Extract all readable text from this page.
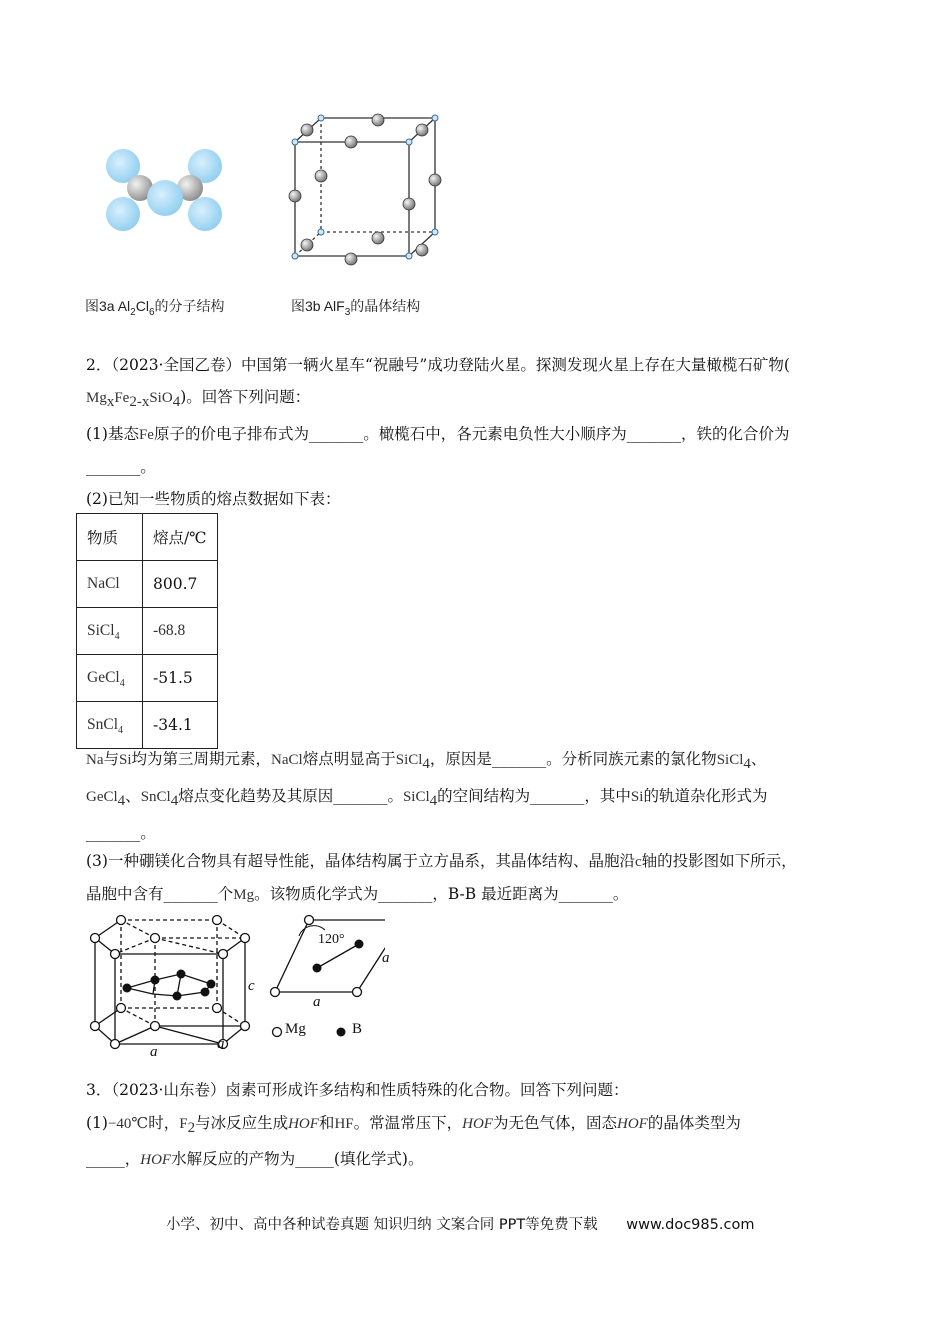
图3a $Al_2Cl_6$的分子结构	图3b AlF$_3$的晶体结构
2．（2023·全国乙卷）中国第一辆火星车“祝融号”成功登陆火星。探测发现火星上存在大量橄榄石矿物(
MgxFe2-xSiO4)。回答下列问题：
(1)基态Fe原子的价电子排布式为_______。橄榄石中，各元素电负性大小顺序为_______，铁的化合价为
_______。
(2)已知一些物质的熔点数据如下表：
物质	熔点/℃
NaCl	800.7
SiCl$_4$	-68.8
GeCl$_4$	-51.5
SnCl$_4$	-34.1
Na与Si均为第三周期元素，NaCl熔点明显高于SiCl4，原因是_______。分析同族元素的氯化物SiCl4、
GeCl4、SnCl4熔点变化趋势及其原因_______。SiCl4的空间结构为_______，其中Si的轨道杂化形式为
_______。
(3)一种硼镁化合物具有超导性能，晶体结构属于立方晶系，其晶体结构、晶胞沿c轴的投影图如下所示，
晶胞中含有_______个Mg。该物质化学式为_______，B-B 最近距离为_______。
c
a	a
a
a
120°
Mg	B
3．（2023·山东卷）卤素可形成许多结构和性质特殊的化合物。回答下列问题：
(1)−40℃时，F2与冰反应生成HOF和HF。常温常压下，HOF为无色气体，固态HOF的晶体类型为
_____，HOF水解反应的产物为_____(填化学式)。
小学、初中、高中各种试卷真题 知识归纳 文案合同 PPT等免费下载 www.doc985.com
